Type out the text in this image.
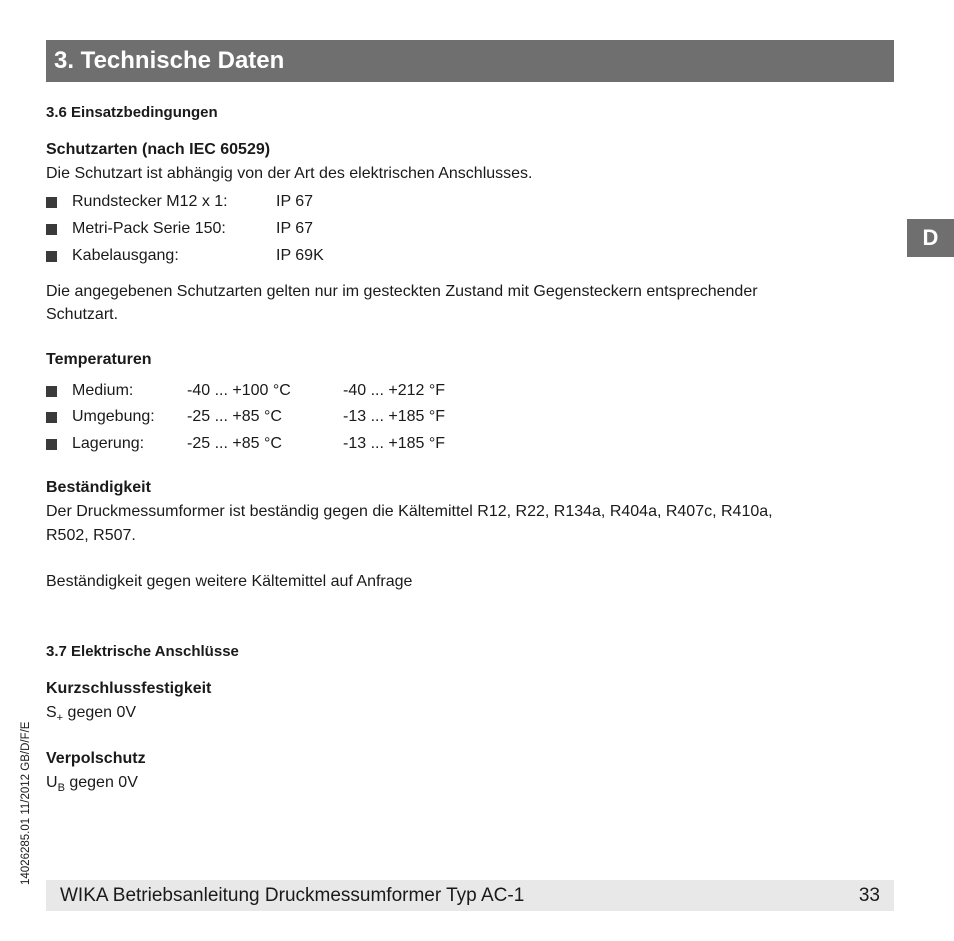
3. Technische Daten
D
14026285.01 11/2012 GB/D/F/E
3.6 Einsatzbedingungen
Schutzarten (nach IEC 60529)
Die Schutzart ist abhängig von der Art des elektrischen Anschlusses.
Rundstecker M12 x 1:	IP 67
Metri-Pack Serie 150:	IP 67
Kabelausgang:	IP 69K
Die angegebenen Schutzarten gelten nur im gesteckten Zustand mit Gegensteckern entsprechender
Schutzart.
Temperaturen
Medium:	-40 ... +100 °C	-40 ... +212 °F
Umgebung:	-25 ... +85 °C	-13 ... +185 °F
Lagerung:	-25 ... +85 °C	-13 ... +185 °F
Beständigkeit
Der Druckmessumformer ist beständig gegen die Kältemittel R12, R22, R134a, R404a, R407c, R410a,
R502, R507.
Beständigkeit gegen weitere Kältemittel auf Anfrage
3.7 Elektrische Anschlüsse
Kurzschlussfestigkeit
$S_+$ gegen 0V
Verpolschutz
$U_B$ gegen 0V
WIKA Betriebsanleitung Druckmessumformer Typ AC-1	33
